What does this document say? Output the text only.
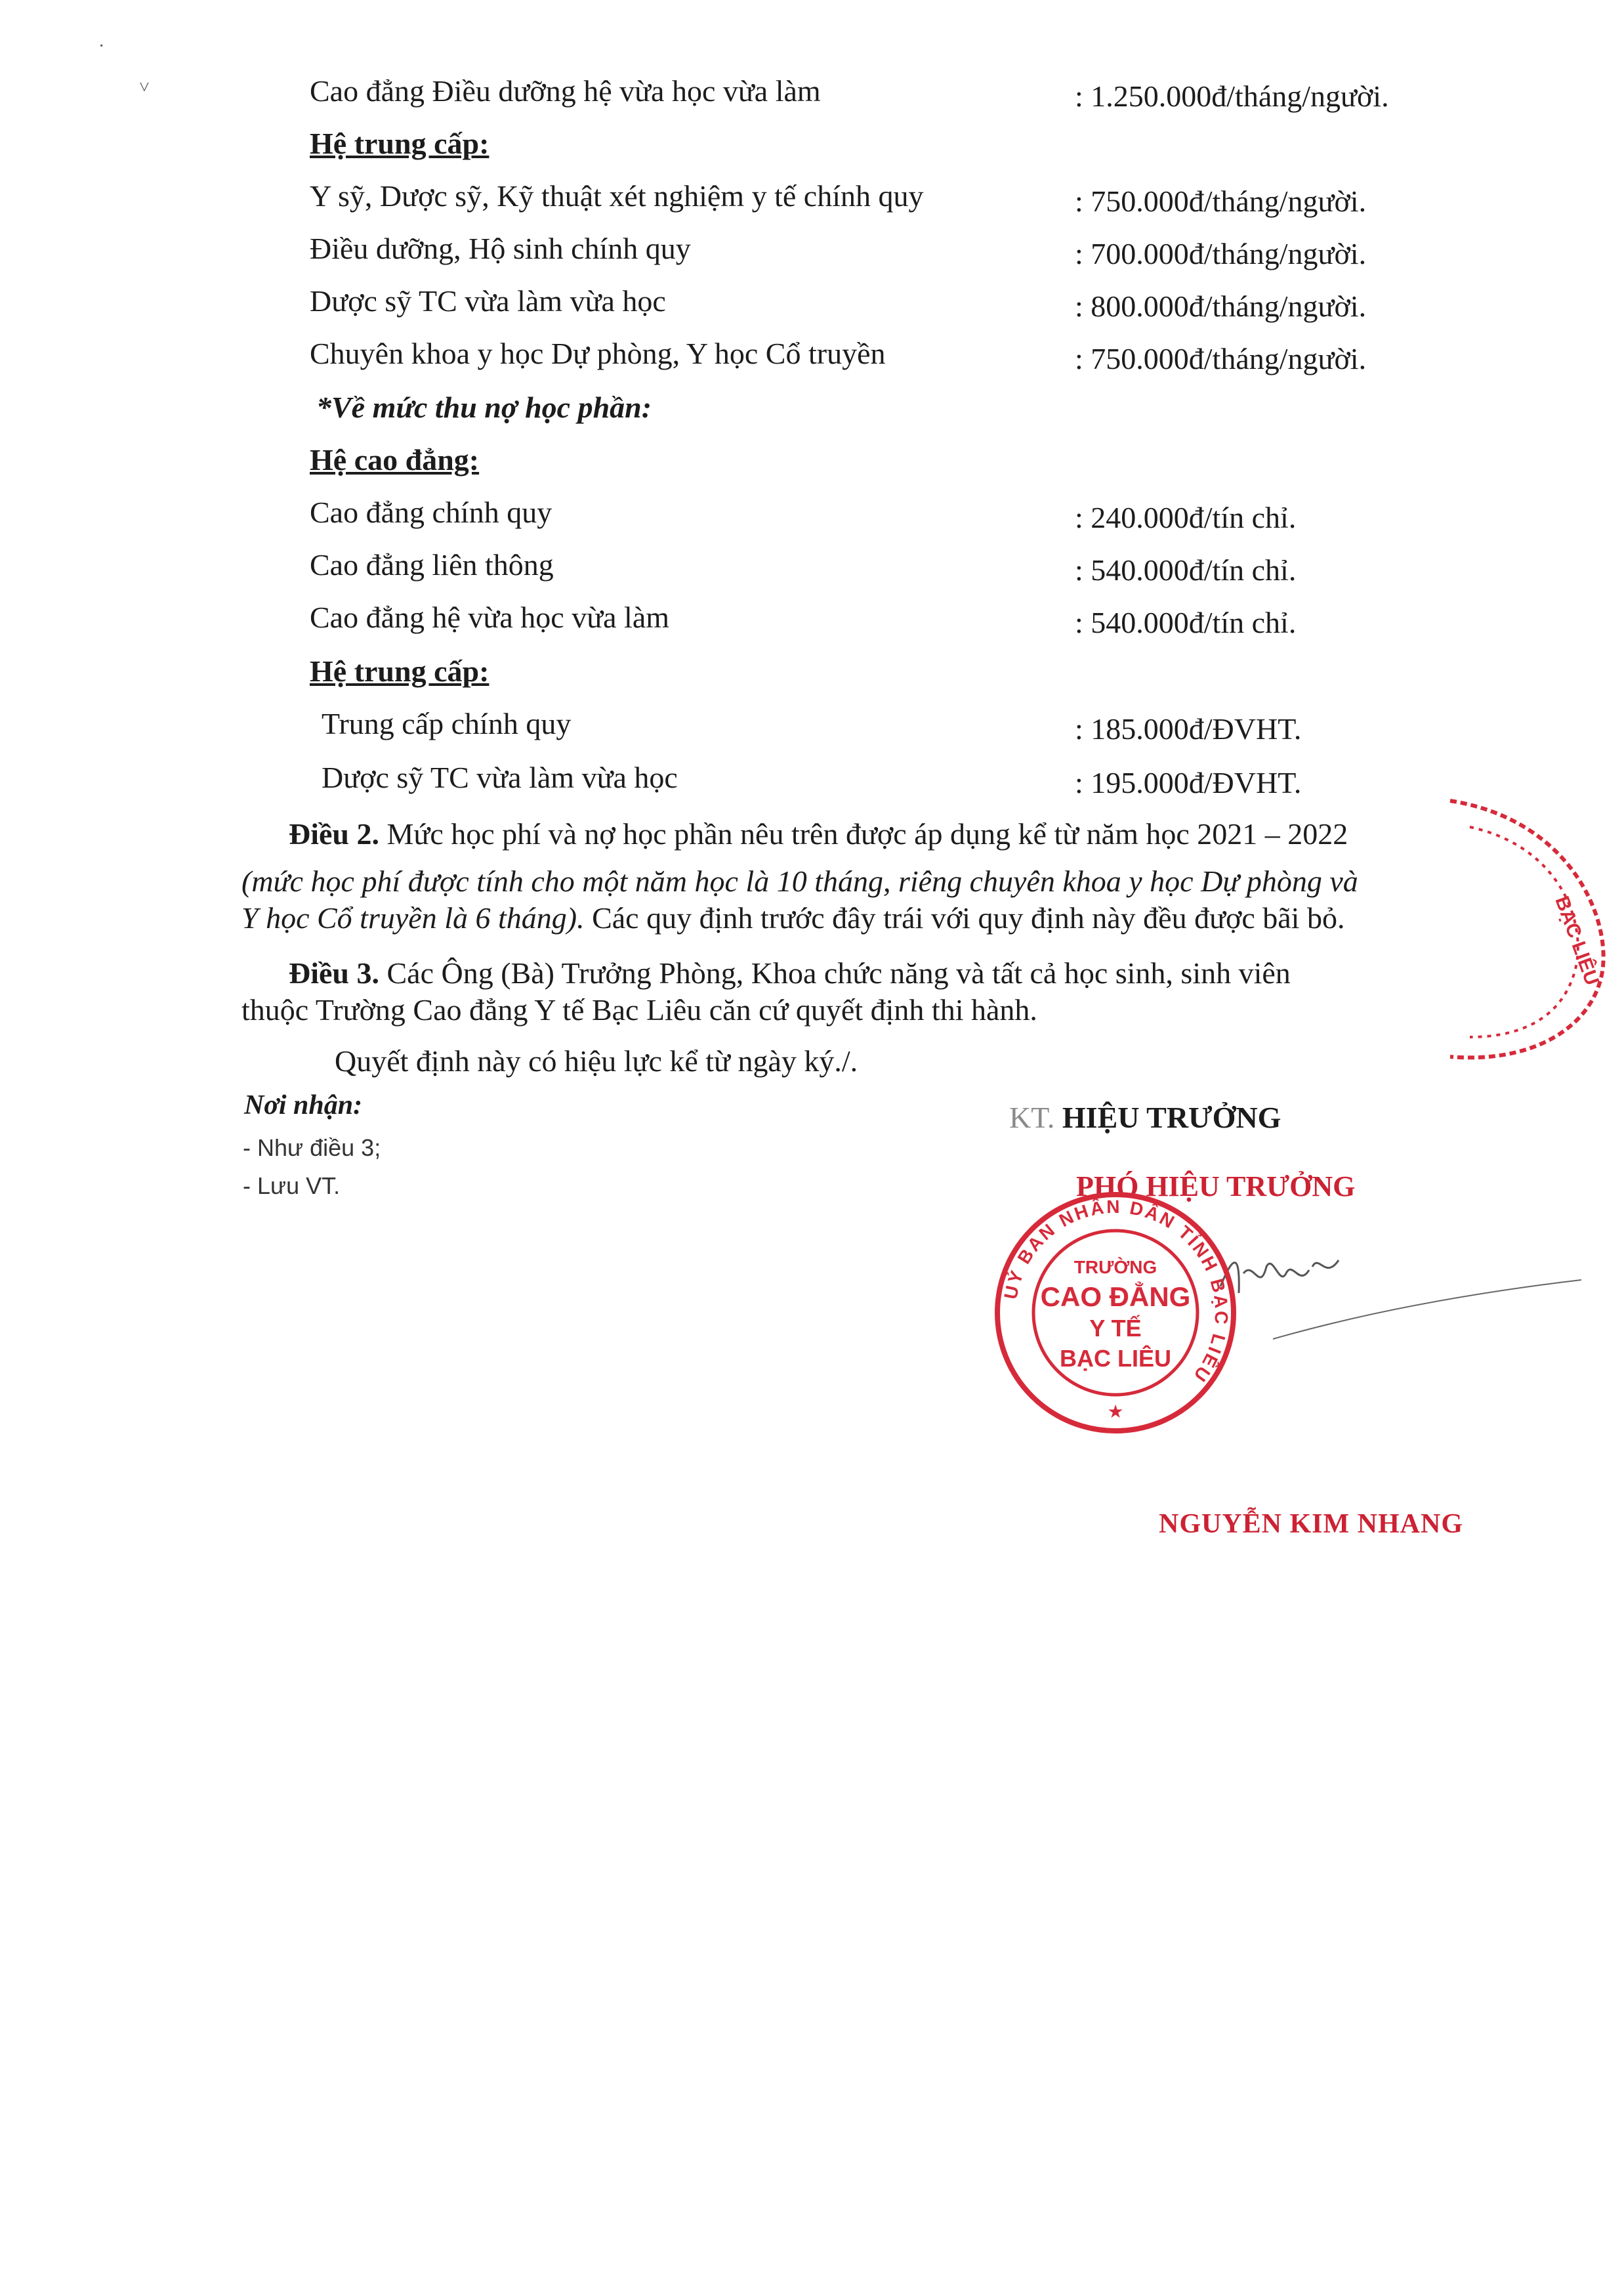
Cao đẳng Điều dưỡng hệ vừa học vừa làm	: 1.250.000đ/tháng/người.
Hệ trung cấp:
Y sỹ, Dược sỹ, Kỹ thuật xét nghiệm y tế chính quy	: 750.000đ/tháng/người.
Điều dưỡng, Hộ sinh chính quy	: 700.000đ/tháng/người.
Dược sỹ TC vừa làm vừa học	: 800.000đ/tháng/người.
Chuyên khoa y học Dự phòng, Y học Cổ truyền	: 750.000đ/tháng/người.
*Về mức thu nợ học phần:
Hệ cao đẳng:
Cao đẳng chính quy	: 240.000đ/tín chỉ.
Cao đẳng liên thông	: 540.000đ/tín chỉ.
Cao đẳng hệ vừa học vừa làm	: 540.000đ/tín chỉ.
Hệ trung cấp:
Trung cấp chính quy	: 185.000đ/ĐVHT.
Dược sỹ TC vừa làm vừa học	: 195.000đ/ĐVHT.
Điều 2. Mức học phí và nợ học phần nêu trên được áp dụng kể từ năm học 2021 – 2022
(mức học phí được tính cho một năm học là 10 tháng, riêng chuyên khoa y học Dự phòng và
Y học Cổ truyền là 6 tháng). Các quy định trước đây trái với quy định này đều được bãi bỏ.
Điều 3. Các Ông (Bà) Trưởng Phòng, Khoa chức năng và tất cả học sinh, sinh viên
thuộc Trường Cao đẳng Y tế Bạc Liêu căn cứ quyết định thi hành.
Quyết định này có hiệu lực kể từ ngày ký./.
Nơi nhận:
- Như điều 3;
- Lưu VT.
KT. HIỆU TRƯỞNG
PHÓ HIỆU TRƯỞNG
UỶ BAN NHÂN DÂN TỈNH BẠC LIÊU
TRƯỜNG
CAO ĐẲNG
Y TẾ
BẠC LIÊU
★
BẠC LIÊU
NGUYỄN KIM NHANG
·
˅
